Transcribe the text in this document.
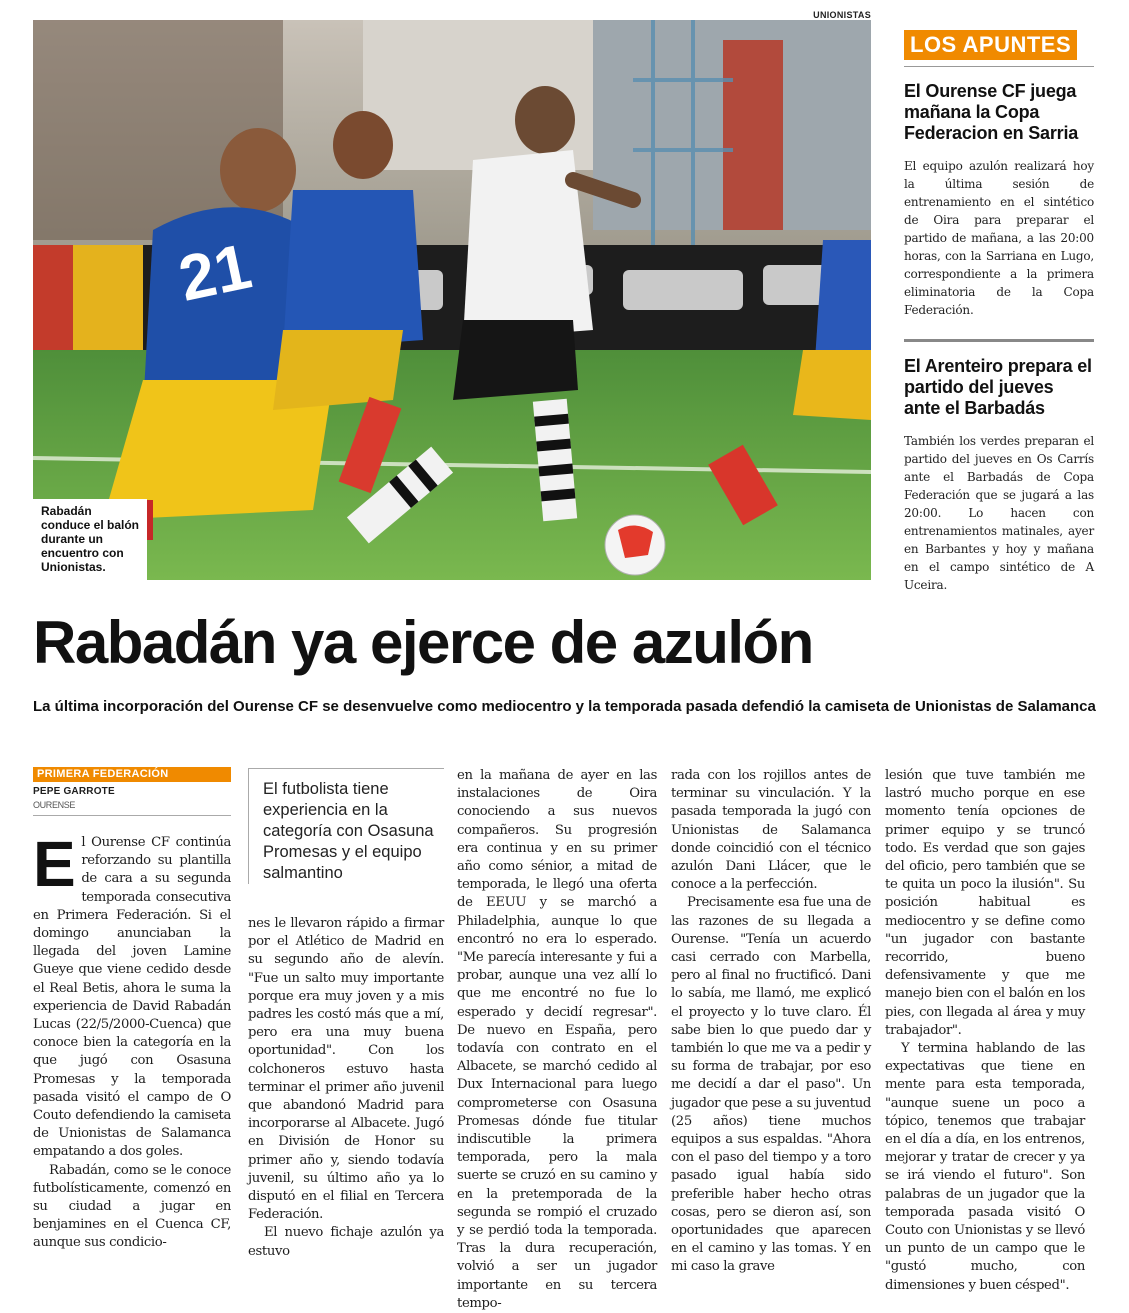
21
UNIONISTAS
Rabadán conduce el balón durante un encuentro con Unionistas.
LOS APUNTES
El Ourense CF juega mañana la Copa Federacion en Sarria

El equipo azulón realizará hoy la última sesión de entrenamiento en el sintético de Oira para preparar el partido de mañana, a las 20:00 horas, con la Sarriana en Lugo, correspondiente a la primera eliminatoria de la Copa Federación.

El Arenteiro prepara el partido del jueves ante el Barbadás

También los verdes preparan el partido del jueves en Os Carrís ante el Barbadás de Copa Federación que se jugará a las 20:00. Lo hacen con entrenamientos matinales, ayer en Barbantes y hoy y mañana en el campo sintético de A Uceira.

Rabadán ya ejerce de azulón
La última incorporación del Ourense CF se desenvuelve como mediocentro y la temporada pasada defendió la camiseta de Unionistas de Salamanca
PRIMERA FEDERACIÓN
PEPE GARROTE
OURENSE

El Ourense CF continúa reforzando su plantilla de cara a su segunda temporada consecutiva en Primera Federación. Si el domingo anunciaban la llegada del joven Lamine Gueye que viene cedido desde el Real Betis, ahora le suma la experiencia de David Rabadán Lucas (22/5/2000-Cuenca) que conoce bien la categoría en la que jugó con Osasuna Promesas y la temporada pasada visitó el campo de O Couto defendiendo la camiseta de Unionistas de Salamanca empatando a dos goles.

Rabadán, como se le conoce futbolísticamente, comenzó en su ciudad a jugar en benjamines en el Cuenca CF, aunque sus condicio-

El futbolista tiene experiencia en la categoría con Osasuna Promesas y el equipo salmantino

nes le llevaron rápido a firmar por el Atlético de Madrid en su segundo año de alevín. "Fue un salto muy importante porque era muy joven y a mis padres les costó más que a mí, pero era una muy buena oportunidad". Con los colchoneros estuvo hasta terminar el primer año juvenil que abandonó Madrid para incorporarse al Albacete. Jugó en División de Honor su primer año y, siendo todavía juvenil, su último año ya lo disputó en el filial en Tercera Federación.

El nuevo fichaje azulón ya estuvo

en la mañana de ayer en las instalaciones de Oira conociendo a sus nuevos compañeros. Su progresión era continua y en su primer año como sénior, a mitad de temporada, le llegó una oferta de EEUU y se marchó a Philadelphia, aunque lo que encontró no era lo esperado. "Me parecía interesante y fui a probar, aunque una vez allí lo que me encontré no fue lo esperado y decidí regresar". De nuevo en España, pero todavía con contrato en el Albacete, se marchó cedido al Dux Internacional para luego comprometerse con Osasuna Promesas dónde fue titular indiscutible la primera temporada, pero la mala suerte se cruzó en su camino y en la pretemporada de la segunda se rompió el cruzado y se perdió toda la temporada. Tras la dura recuperación, volvió a ser un jugador importante en su tercera tempo-

rada con los rojillos antes de terminar su vinculación. Y la pasada temporada la jugó con Unionistas de Salamanca donde coincidió con el técnico azulón Dani Llácer, que le conoce a la perfección.

Precisamente esa fue una de las razones de su llegada a Ourense. "Tenía un acuerdo casi cerrado con Marbella, pero al final no fructificó. Dani lo sabía, me llamó, me explicó el proyecto y lo tuve claro. Él sabe bien lo que puedo dar y también lo que me va a pedir y su forma de trabajar, por eso me decidí a dar el paso". Un jugador que pese a su juventud (25 años) tiene muchos equipos a sus espaldas. "Ahora con el paso del tiempo y a toro pasado igual había sido preferible haber hecho otras cosas, pero se dieron así, son oportunidades que aparecen en el camino y las tomas. Y en mi caso la grave

lesión que tuve también me lastró mucho porque en ese momento tenía opciones de primer equipo y se truncó todo. Es verdad que son gajes del oficio, pero también que se te quita un poco la ilusión". Su posición habitual es mediocentro y se define como "un jugador con bastante recorrido, bueno defensivamente y que me manejo bien con el balón en los pies, con llegada al área y muy trabajador".

Y termina hablando de las expectativas que tiene en mente para esta temporada, "aunque suene un poco a tópico, tenemos que trabajar en el día a día, en los entrenos, mejorar y tratar de crecer y ya se irá viendo el futuro". Son palabras de un jugador que la temporada pasada visitó O Couto con Unionistas y se llevó un punto de un campo que le "gustó mucho, con dimensiones y buen césped".
